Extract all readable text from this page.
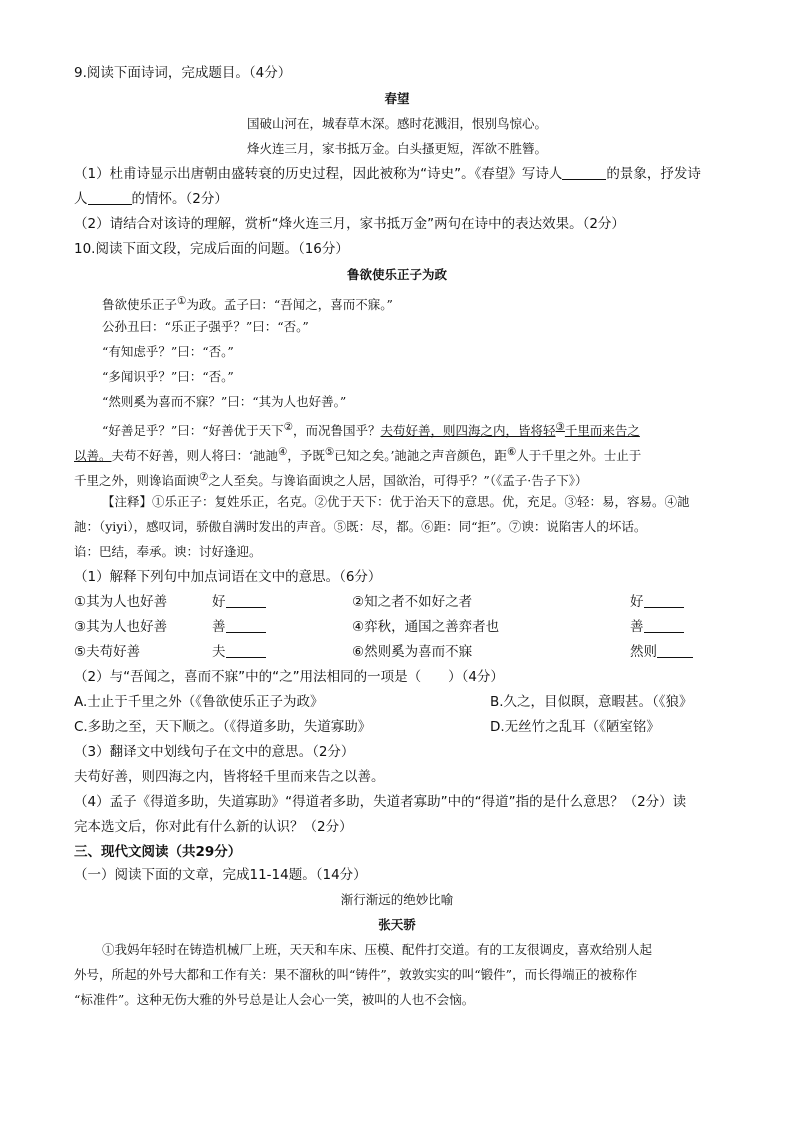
9.阅读下面诗词，完成题目。（4分）
春望
国破山河在，城春草木深。感时花溅泪，恨别鸟惊心。
烽火连三月，家书抵万金。白头搔更短，浑欲不胜簪。
（1）杜甫诗显示出唐朝由盛转衰的历史过程，因此被称为“诗史”。《春望》写诗人	的景象，抒发诗
人	的情怀。（2分）
（2）请结合对该诗的理解，赏析“烽火连三月，家书抵万金”两句在诗中的表达效果。（2分）
10.阅读下面文段，完成后面的问题。（16分）
鲁欲使乐正子为政
鲁欲使乐正子①为政。孟子曰：“吾闻之，喜而不寐。”
公孙丑曰：“乐正子强乎？”曰：“否。”
“有知虑乎？”曰：“否。”
“多闻识乎？”曰：“否。”
“然则奚为喜而不寐？”曰：“其为人也好善。”
“好善足乎？”曰：“好善优于天下②，而况鲁国乎？夫苟好善，则四海之内，皆将轻③千里而来告之
以善。夫苟不好善，则人将曰：‘訑訑④，予既⑤已知之矣。’訑訑之声音颜色，距⑥人于千里之外。士止于
千里之外，则谗谄面谀⑦之人至矣。与谗谄面谀之人居，国欲治，可得乎？”（《孟子·告子下》）
【注释】①乐正子：复姓乐正，名克。②优于天下：优于治天下的意思。优，充足。③轻：易，容易。④訑
訑：（yiyi），感叹词，骄傲自满时发出的声音。⑤既：尽，都。⑥距：同“拒”。⑦谀：说陷害人的坏话。
谄：巴结，奉承。谀：讨好逢迎。
（1）解释下列句中加点词语在文中的意思。（6分）
①其为人也好善	好	②知之者不如好之者	好
③其为人也好善	善	④弈秋，通国之善弈者也	善
⑤夫苟好善	夫	⑥然则奚为喜而不寐	然则
（2）与“吾闻之，喜而不寐”中的“之”用法相同的一项是（　　）（4分）
A.士止于千里之外（《鲁欲使乐正子为政》	B.久之，目似瞑，意暇甚。（《狼》
C.多助之至，天下顺之。（《得道多助，失道寡助》	D.无丝竹之乱耳（《陋室铭》
（3）翻译文中划线句子在文中的意思。（2分）
夫苟好善，则四海之内，皆将轻千里而来告之以善。
（4）孟子《得道多助，失道寡助》“得道者多助，失道者寡助”中的“得道”指的是什么意思？（2分）读
完本选文后，你对此有什么新的认识？（2分）
三、现代文阅读（共29分）
（一）阅读下面的文章，完成11-14题。（14分）
渐行渐远的绝妙比喻
张天骄
①我妈年轻时在铸造机械厂上班，天天和车床、压模、配件打交道。有的工友很调皮，喜欢给别人起
外号，所起的外号大都和工作有关：果不溜秋的叫“铸件”，敦敦实实的叫“锻件”，而长得端正的被称作
“标准件”。这种无伤大雅的外号总是让人会心一笑，被叫的人也不会恼。
